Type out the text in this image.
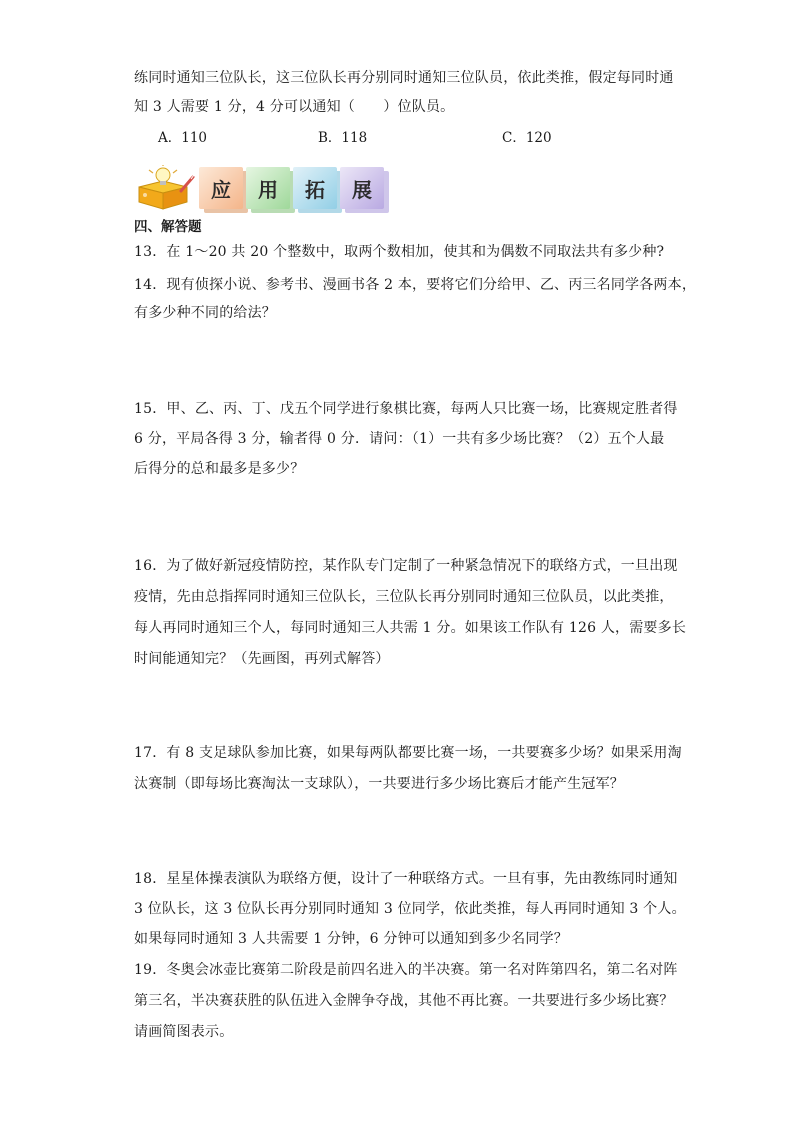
练同时通知三位队长，这三位队长再分别同时通知三位队员，依此类推，假定每同时通
知 3 人需要 1 分，4 分可以通知（　　）位队员。
A．110	B．118	C．120
应	用	拓	展
四、解答题
13．在 1～20 共 20 个整数中，取两个数相加，使其和为偶数不同取法共有多少种?
14．现有侦探小说、参考书、漫画书各 2 本，要将它们分给甲、乙、丙三名同学各两本，
有多少种不同的给法？
15．甲、乙、丙、丁、戊五个同学进行象棋比赛，每两人只比赛一场，比赛规定胜者得
6 分，平局各得 3 分，输者得 0 分．请问：（1）一共有多少场比赛？（2）五个人最
后得分的总和最多是多少？
16．为了做好新冠疫情防控，某作队专门定制了一种紧急情况下的联络方式，一旦出现
疫情，先由总指挥同时通知三位队长，三位队长再分别同时通知三位队员，以此类推，
每人再同时通知三个人，每同时通知三人共需 1 分。如果该工作队有 126 人，需要多长
时间能通知完？（先画图，再列式解答）
17．有 8 支足球队参加比赛，如果每两队都要比赛一场，一共要赛多少场？如果采用淘
汰赛制（即每场比赛淘汰一支球队），一共要进行多少场比赛后才能产生冠军？
18．星星体操表演队为联络方便，设计了一种联络方式。一旦有事，先由教练同时通知
3 位队长，这 3 位队长再分别同时通知 3 位同学，依此类推，每人再同时通知 3 个人。
如果每同时通知 3 人共需要 1 分钟，6 分钟可以通知到多少名同学？
19．冬奥会冰壶比赛第二阶段是前四名进入的半决赛。第一名对阵第四名，第二名对阵
第三名，半决赛获胜的队伍进入金牌争夺战，其他不再比赛。一共要进行多少场比赛？
请画简图表示。
